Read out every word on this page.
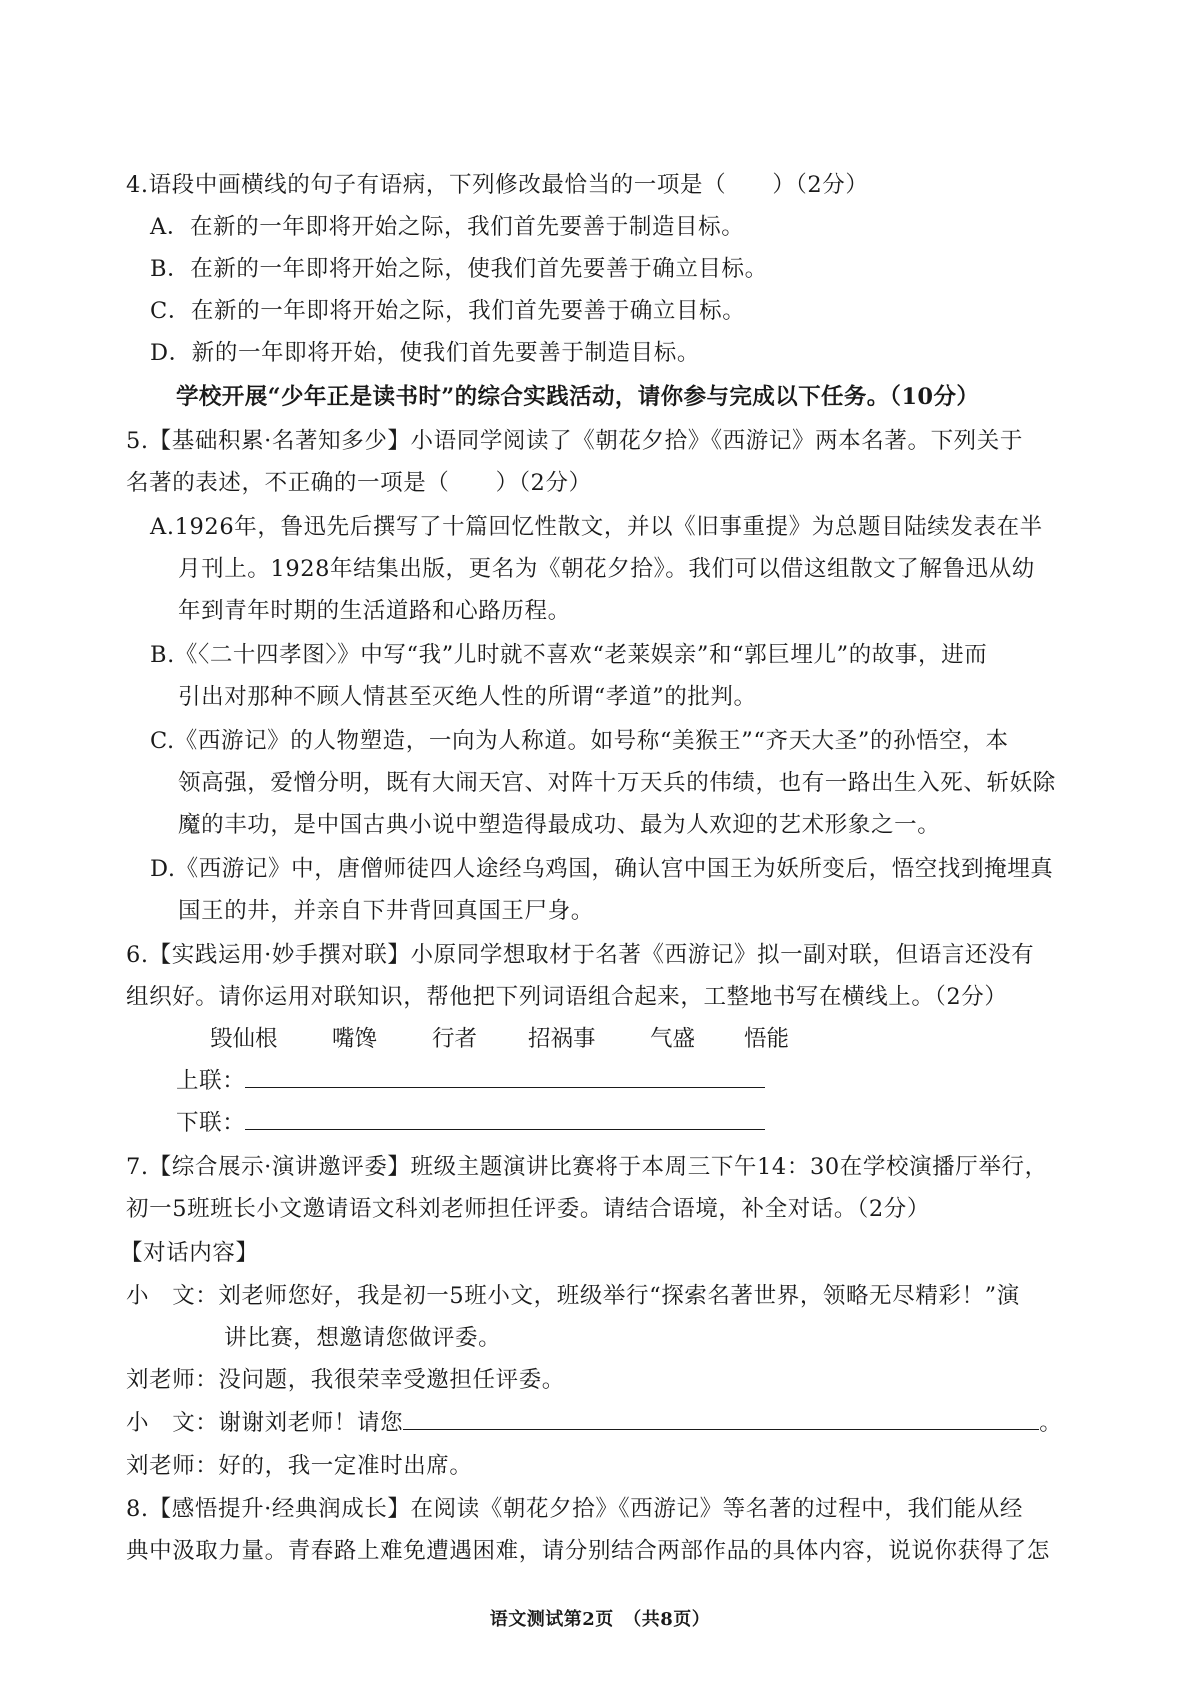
4.语段中画横线的句子有语病，下列修改最恰当的一项是（　　）（2分）
A．在新的一年即将开始之际，我们首先要善于制造目标。
B．在新的一年即将开始之际，使我们首先要善于确立目标。
C．在新的一年即将开始之际，我们首先要善于确立目标。
D．新的一年即将开始，使我们首先要善于制造目标。
学校开展“少年正是读书时”的综合实践活动，请你参与完成以下任务。（10分）
5.【基础积累·名著知多少】小语同学阅读了《朝花夕拾》《西游记》两本名著。下列关于
名著的表述，不正确的一项是（　　）（2分）
A.1926年，鲁迅先后撰写了十篇回忆性散文，并以《旧事重提》为总题目陆续发表在半
月刊上。1928年结集出版，更名为《朝花夕拾》。我们可以借这组散文了解鲁迅从幼
年到青年时期的生活道路和心路历程。
B.《〈二十四孝图〉》中写“我”儿时就不喜欢“老莱娱亲”和“郭巨埋儿”的故事，进而
引出对那种不顾人情甚至灭绝人性的所谓“孝道”的批判。
C.《西游记》的人物塑造，一向为人称道。如号称“美猴王”“齐天大圣”的孙悟空，本
领高强，爱憎分明，既有大闹天宫、对阵十万天兵的伟绩，也有一路出生入死、斩妖除
魔的丰功，是中国古典小说中塑造得最成功、最为人欢迎的艺术形象之一。
D.《西游记》中，唐僧师徒四人途经乌鸡国，确认宫中国王为妖所变后，悟空找到掩埋真
国王的井，并亲自下井背回真国王尸身。
6.【实践运用·妙手撰对联】小原同学想取材于名著《西游记》拟一副对联，但语言还没有
组织好。请你运用对联知识，帮他把下列词语组合起来，工整地书写在横线上。（2分）
毁仙根 嘴馋 行者 招祸事 气盛 悟能
上联：
下联：
7.【综合展示·演讲邀评委】班级主题演讲比赛将于本周三下午14：30在学校演播厅举行，
初一5班班长小文邀请语文科刘老师担任评委。请结合语境，补全对话。（2分）
【对话内容】
小　文：刘老师您好，我是初一5班小文，班级举行“探索名著世界，领略无尽精彩！”演
讲比赛，想邀请您做评委。
刘老师：没问题，我很荣幸受邀担任评委。
小　文：谢谢刘老师！请您	。
刘老师：好的，我一定准时出席。
8.【感悟提升·经典润成长】在阅读《朝花夕拾》《西游记》等名著的过程中，我们能从经
典中汲取力量。青春路上难免遭遇困难，请分别结合两部作品的具体内容，说说你获得了怎
语文测试第2页　（共8页）
